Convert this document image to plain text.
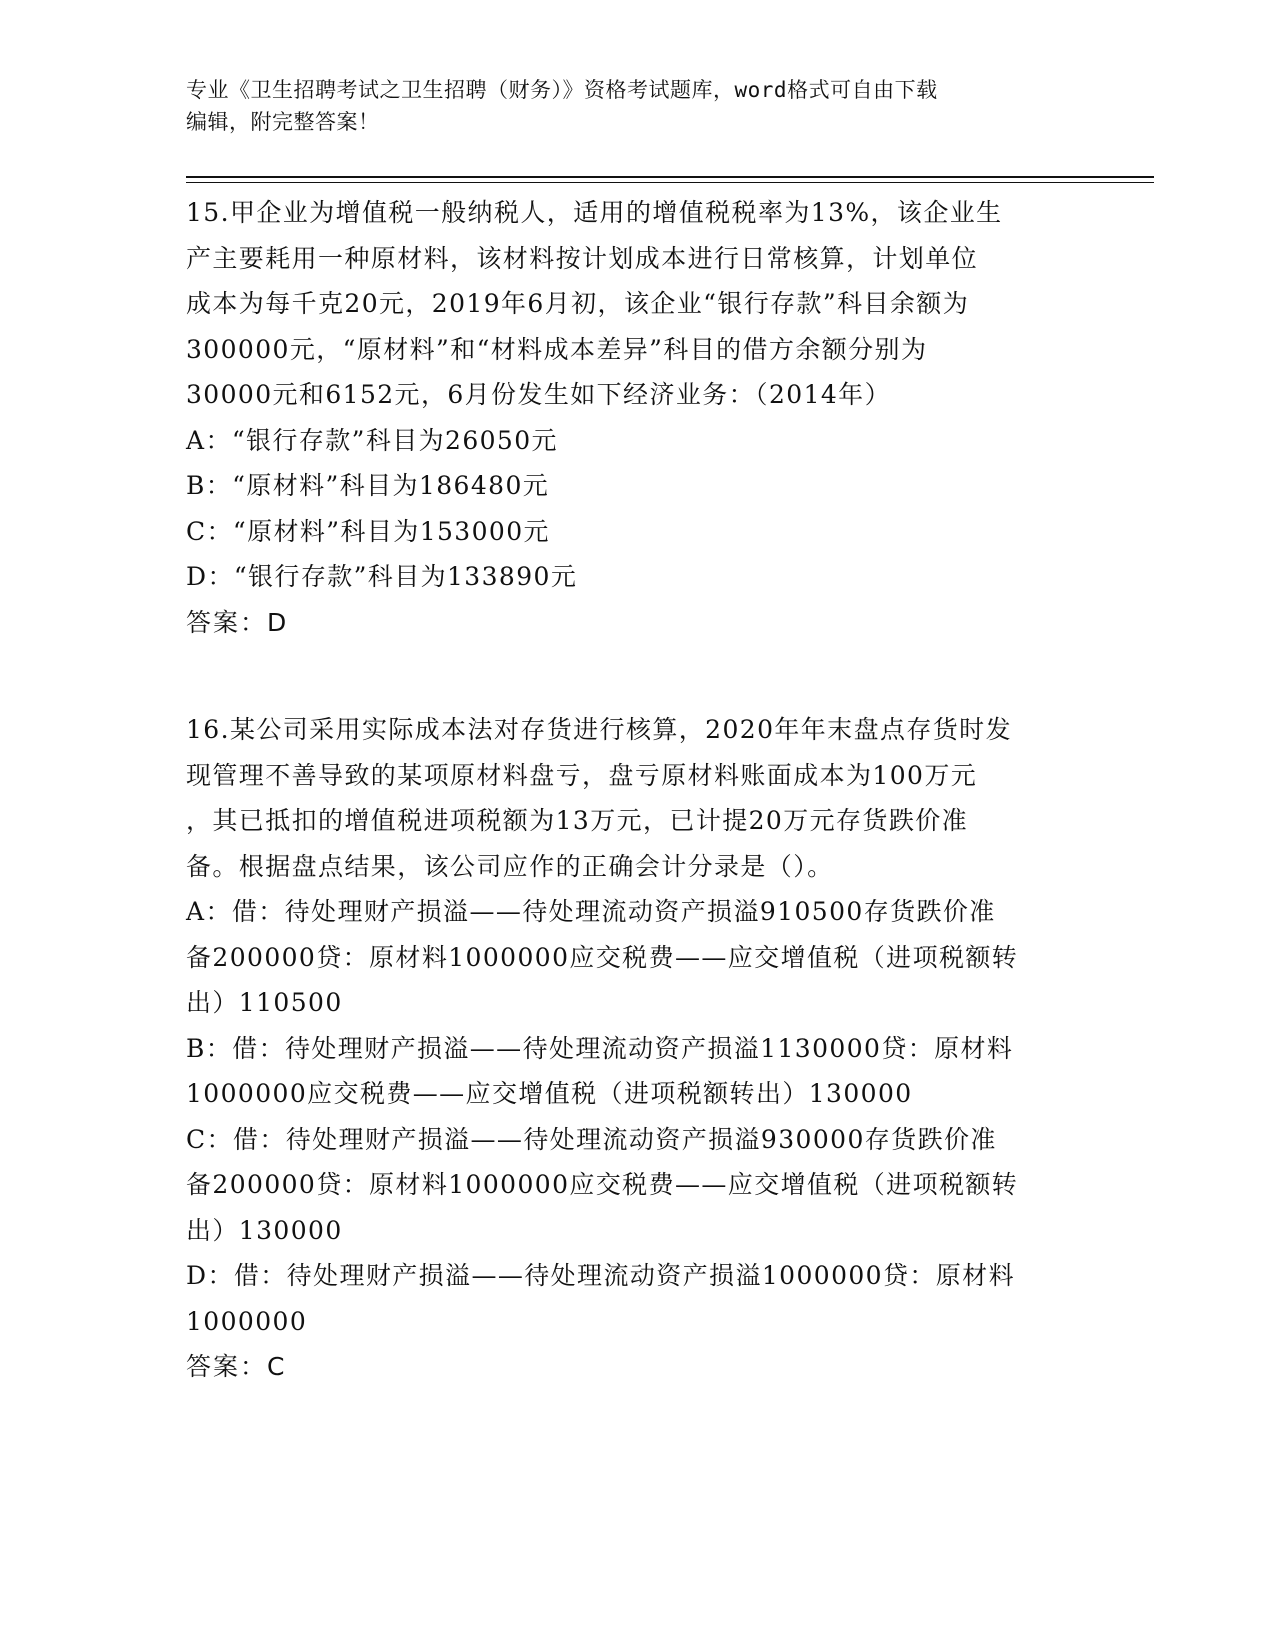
专业《卫生招聘考试之卫生招聘（财务）》资格考试题库，word格式可自由下载
编辑，附完整答案！

15.甲企业为增值税一般纳税人，适用的增值税税率为13%，该企业生

产主要耗用一种原材料，该材料按计划成本进行日常核算，计划单位

成本为每千克20元，2019年6月初，该企业“银行存款”科目余额为

300000元，“原材料”和“材料成本差异”科目的借方余额分别为

30000元和6152元，6月份发生如下经济业务：（2014年）

A：“银行存款”科目为26050元

B：“原材料”科目为186480元

C：“原材料”科目为153000元

D：“银行存款”科目为133890元

答案：D

16.某公司采用实际成本法对存货进行核算，2020年年末盘点存货时发

现管理不善导致的某项原材料盘亏，盘亏原材料账面成本为100万元

，其已抵扣的增值税进项税额为13万元，已计提20万元存货跌价准

备。根据盘点结果，该公司应作的正确会计分录是（）。

A：借：待处理财产损溢——待处理流动资产损溢910500存货跌价准

备200000贷：原材料1000000应交税费——应交增值税（进项税额转

出）110500

B：借：待处理财产损溢——待处理流动资产损溢1130000贷：原材料

1000000应交税费——应交增值税（进项税额转出）130000

C：借：待处理财产损溢——待处理流动资产损溢930000存货跌价准

备200000贷：原材料1000000应交税费——应交增值税（进项税额转

出）130000

D：借：待处理财产损溢——待处理流动资产损溢1000000贷：原材料

1000000

答案：C
